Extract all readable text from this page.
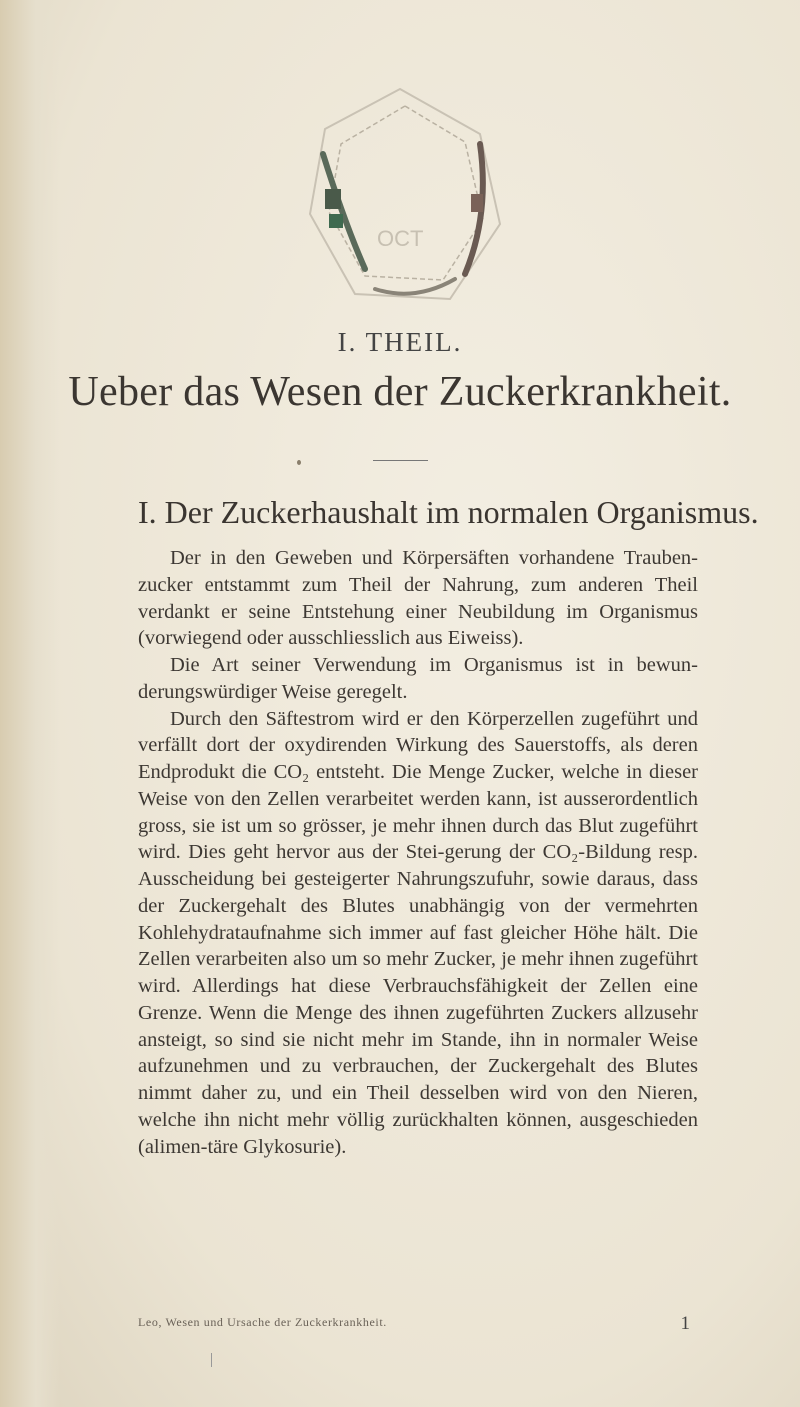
OCT
I. THEIL.
Ueber das Wesen der Zuckerkrankheit.
I. Der Zuckerhaushalt im normalen Organismus.

Der in den Geweben und Körpersäften vorhandene Trauben-zucker entstammt zum Theil der Nahrung, zum anderen Theil verdankt er seine Entstehung einer Neubildung im Organismus (vorwiegend oder ausschliesslich aus Eiweiss).

Die Art seiner Verwendung im Organismus ist in bewun-derungswürdiger Weise geregelt.

Durch den Säftestrom wird er den Körperzellen zugeführt und verfällt dort der oxydirenden Wirkung des Sauerstoffs, als deren Endprodukt die CO₂ entsteht. Die Menge Zucker, welche in dieser Weise von den Zellen verarbeitet werden kann, ist ausserordentlich gross, sie ist um so grösser, je mehr ihnen durch das Blut zugeführt wird. Dies geht hervor aus der Stei-gerung der CO₂-Bildung resp. Ausscheidung bei gesteigerter Nahrungszufuhr, sowie daraus, dass der Zuckergehalt des Blutes unabhängig von der vermehrten Kohlehydrataufnahme sich immer auf fast gleicher Höhe hält. Die Zellen verarbeiten also um so mehr Zucker, je mehr ihnen zugeführt wird. Allerdings hat diese Verbrauchsfähigkeit der Zellen eine Grenze. Wenn die Menge des ihnen zugeführten Zuckers allzusehr ansteigt, so sind sie nicht mehr im Stande, ihn in normaler Weise aufzunehmen und zu verbrauchen, der Zuckergehalt des Blutes nimmt daher zu, und ein Theil desselben wird von den Nieren, welche ihn nicht mehr völlig zurückhalten können, ausgeschieden (alimen-täre Glykosurie).

Leo, Wesen und Ursache der Zuckerkrankheit.	1
